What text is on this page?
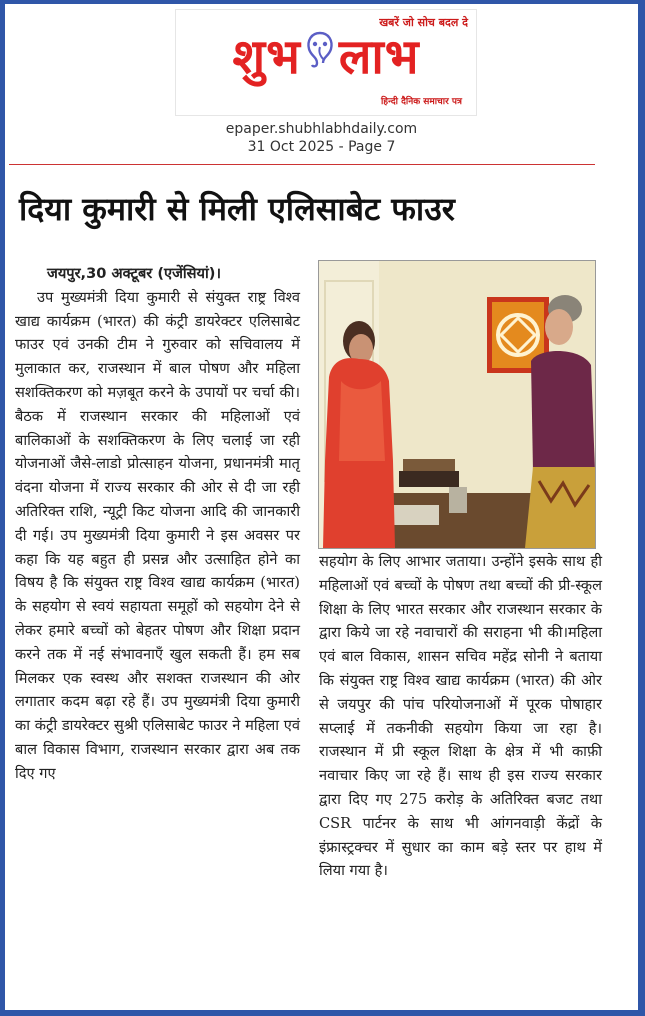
खबरें जो सोच बदल दे
शुभ लाभ
हिन्दी दैनिक समाचार पत्र
epaper.shubhlabhdaily.com
31 Oct 2025 - Page 7
दिया कुमारी से मिली एलिसाबेट फाउर
जयपुर,30 अक्टूबर (एजेंसियां)।
उप मुख्यमंत्री दिया कुमारी से संयुक्त राष्ट्र विश्व खाद्य कार्यक्रम (भारत) की कंट्री डायरेक्टर एलिसाबेट फाउर एवं उनकी टीम ने गुरुवार को सचिवालय में मुलाकात कर, राजस्थान में बाल पोषण और महिला सशक्तिकरण को मज़बूत करने के उपायों पर चर्चा की। बैठक में राजस्थान सरकार की महिलाओं एवं बालिकाओं के सशक्तिकरण के लिए चलाई जा रही योजनाओं जैसे-लाडो प्रोत्साहन योजना, प्रधानमंत्री मातृ वंदना योजना में राज्य सरकार की ओर से दी जा रही अतिरिक्त राशि, न्यूट्री किट योजना आदि की जानकारी दी गई। उप मुख्यमंत्री दिया कुमारी ने इस अवसर पर कहा कि यह बहुत ही प्रसन्न और उत्साहित होने का विषय है कि संयुक्त राष्ट्र विश्व खाद्य कार्यक्रम (भारत) के सहयोग से स्वयं सहायता समूहों को सहयोग देने से लेकर हमारे बच्चों को बेहतर पोषण और शिक्षा प्रदान करने तक में नई संभावनाएँ खुल सकती हैं। हम सब मिलकर एक स्वस्थ और सशक्त राजस्थान की ओर लगातार कदम बढ़ा रहे हैं। उप मुख्यमंत्री दिया कुमारी का कंट्री डायरेक्टर सुश्री एलिसाबेट फाउर ने महिला एवं बाल विकास विभाग, राजस्थान सरकार द्वारा अब तक दिए गए
सहयोग के लिए आभार जताया। उन्होंने इसके साथ ही महिलाओं एवं बच्चों के पोषण तथा बच्चों की प्री-स्कूल शिक्षा के लिए भारत सरकार और राजस्थान सरकार के द्वारा किये जा रहे नवाचारों की सराहना भी की।महिला एवं बाल विकास, शासन सचिव महेंद्र सोनी ने बताया कि संयुक्त राष्ट्र विश्व खाद्य कार्यक्रम (भारत) की ओर से जयपुर की पांच परियोजनाओं में पूरक पोषाहार सप्लाई में तकनीकी सहयोग किया जा रहा है। राजस्थान में प्री स्कूल शिक्षा के क्षेत्र में भी काफ़ी नवाचार किए जा रहे हैं। साथ ही इस राज्य सरकार द्वारा दिए गए 275 करोड़ के अतिरिक्त बजट तथा CSR पार्टनर के साथ भी आंगनवाड़ी केंद्रों के इंफ्रास्ट्रक्चर में सुधार का काम बड़े स्तर पर हाथ में लिया गया है।
